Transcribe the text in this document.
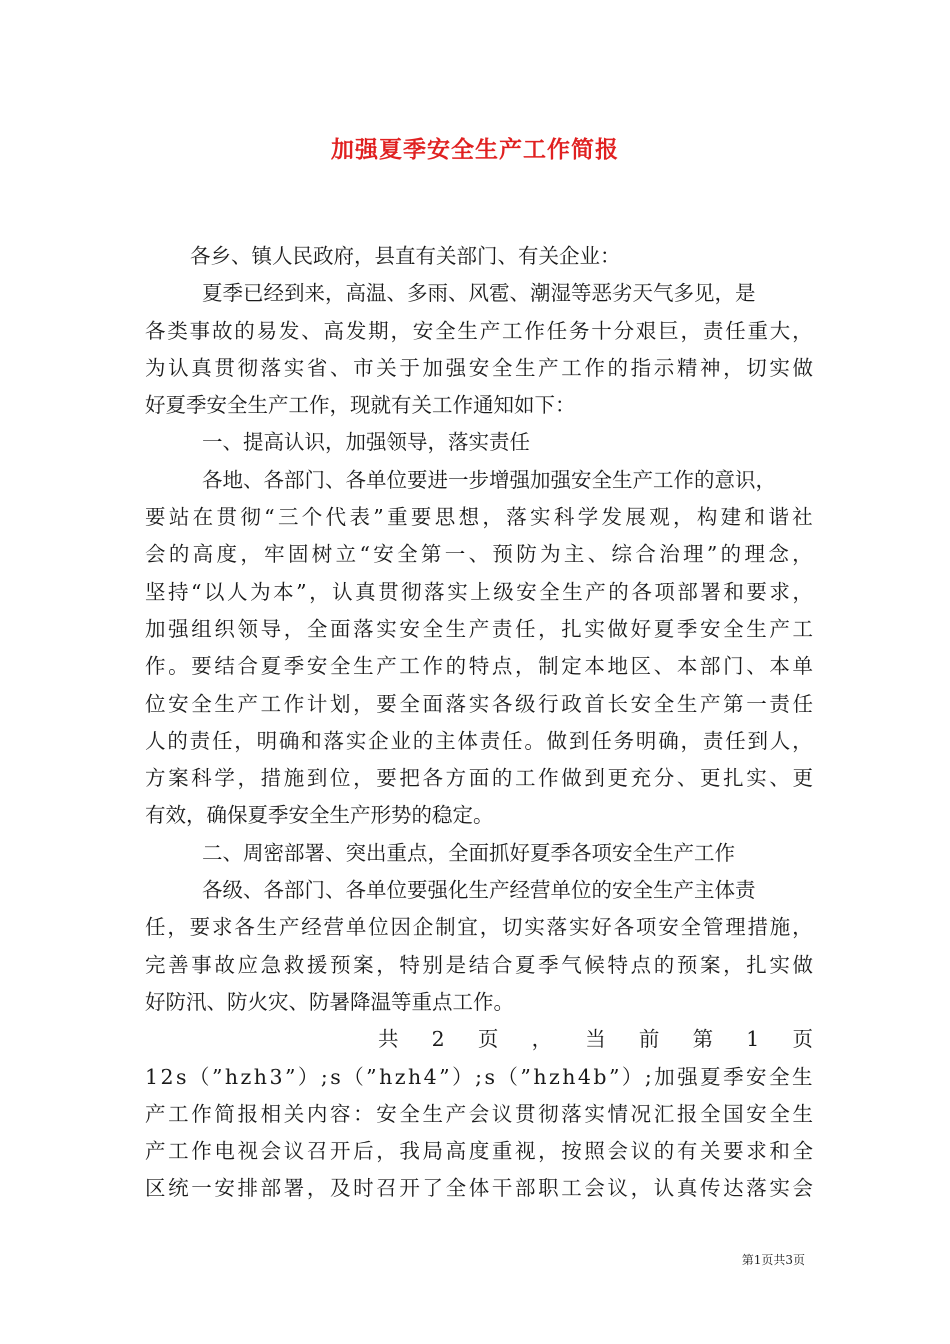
加强夏季安全生产工作简报
各乡、镇人民政府，县直有关部门、有关企业：
夏季已经到来，高温、多雨、风雹、潮湿等恶劣天气多见，是
各 类 事 故 的 易 发 、 高 发 期 ， 安 全 生 产 工 作 任 务 十 分 艰 巨 ， 责 任 重 大 ，
为 认 真 贯 彻 落 实 省 、 市 关 于 加 强 安 全 生 产 工 作 的 指 示 精 神 ， 切 实 做
好夏季安全生产工作，现就有关工作通知如下：
一、提高认识，加强领导，落实责任
各地、各部门、各单位要进一步增强加强安全生产工作的意识，
要 站 在 贯 彻 “ 三 个 代 表 ” 重 要 思 想 ， 落 实 科 学 发 展 观 ， 构 建 和 谐 社
会 的 高 度 ， 牢 固 树 立 “ 安 全 第 一 、 预 防 为 主 、 综 合 治 理 ” 的 理 念 ，
坚 持 “ 以 人 为 本 ” ， 认 真 贯 彻 落 实 上 级 安 全 生 产 的 各 项 部 署 和 要 求 ，
加 强 组 织 领 导 ， 全 面 落 实 安 全 生 产 责 任 ， 扎 实 做 好 夏 季 安 全 生 产 工
作 。 要 结 合 夏 季 安 全 生 产 工 作 的 特 点 ， 制 定 本 地 区 、 本 部 门 、 本 单
位 安 全 生 产 工 作 计 划 ， 要 全 面 落 实 各 级 行 政 首 长 安 全 生 产 第 一 责 任
人 的 责 任 ， 明 确 和 落 实 企 业 的 主 体 责 任 。 做 到 任 务 明 确 ， 责 任 到 人 ，
方 案 科 学 ， 措 施 到 位 ， 要 把 各 方 面 的 工 作 做 到 更 充 分 、 更 扎 实 、 更
有效，确保夏季安全生产形势的稳定。
二、周密部署、突出重点，全面抓好夏季各项安全生产工作
各级、各部门、各单位要强化生产经营单位的安全生产主体责
任 ， 要 求 各 生 产 经 营 单 位 因 企 制 宜 ， 切 实 落 实 好 各 项 安 全 管 理 措 施 ，
完 善 事 故 应 急 救 援 预 案 ， 特 别 是 结 合 夏 季 气 候 特 点 的 预 案 ， 扎 实 做
好防汛、防火灾、防暑降温等重点工作。
共 2 页 ， 当 前 第 1 页
1 2 s （ ” h z h 3 ” ） ; s （ ” h z h 4 ” ） ; s （ ” h z h 4 b ” ） ; 加 强 夏 季 安 全 生
产 工 作 简 报 相 关 内 容 ： 安 全 生 产 会 议 贯 彻 落 实 情 况 汇 报 全 国 安 全 生
产 工 作 电 视 会 议 召 开 后 ， 我 局 高 度 重 视 ， 按 照 会 议 的 有 关 要 求 和 全
区 统 一 安 排 部 署 ， 及 时 召 开 了 全 体 干 部 职 工 会 议 ， 认 真 传 达 落 实 会
第1页共3页
